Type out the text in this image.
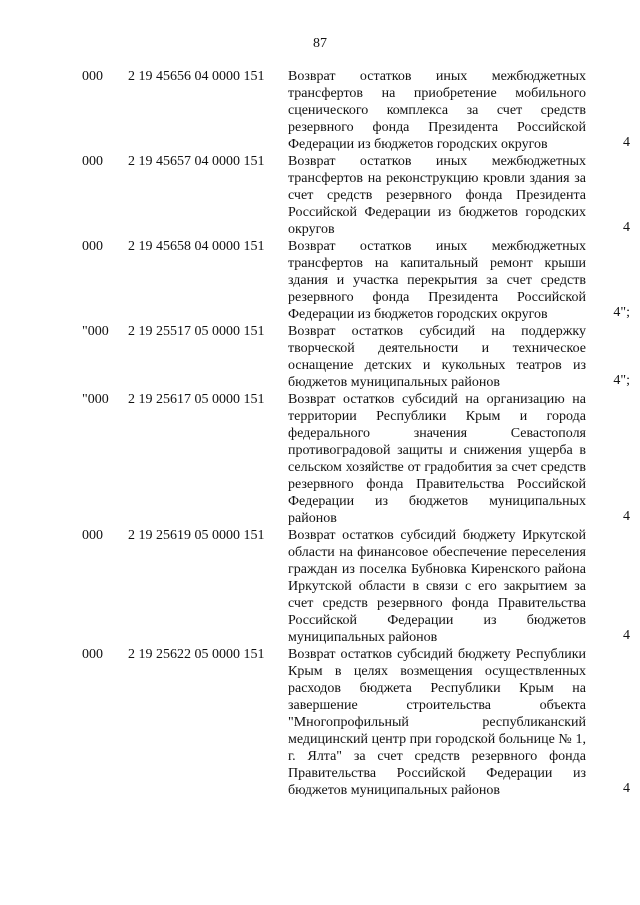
87
000	2 19 45656 04 0000 151	Возврат остатков иных межбюджетных трансфертов на приобретение мобильного сценического комплекса за счет средств резервного фонда Президента Российской Федерации из бюджетов городских округов	4
000	2 19 45657 04 0000 151	Возврат остатков иных межбюджетных трансфертов на реконструкцию кровли здания за счет средств резервного фонда Президента Российской Федерации из бюджетов городских округов	4
000	2 19 45658 04 0000 151	Возврат остатков иных межбюджетных трансфертов на капитальный ремонт крыши здания и участка перекрытия за счет средств резервного фонда Президента Российской Федерации из бюджетов городских округов	4";
"000	2 19 25517 05 0000 151	Возврат остатков субсидий на поддержку творческой деятельности и техническое оснащение детских и кукольных театров из бюджетов муниципальных районов	4";
"000	2 19 25617 05 0000 151	Возврат остатков субсидий на организацию на территории Республики Крым и города федерального значения Севастополя противоградовой защиты и снижения ущерба в сельском хозяйстве от градобития за счет средств резервного фонда Правительства Российской Федерации из бюджетов муниципальных районов	4
000	2 19 25619 05 0000 151	Возврат остатков субсидий бюджету Иркутской области на финансовое обеспечение переселения граждан из поселка Бубновка Киренского района Иркутской области в связи с его закрытием за счет средств резервного фонда Правительства Российской Федерации из бюджетов муниципальных районов	4
000	2 19 25622 05 0000 151	Возврат остатков субсидий бюджету Республики Крым в целях возмещения осуществленных расходов бюджета Республики Крым на завершение строительства объекта "Многопрофильный республиканский медицинский центр при городской больнице № 1, г. Ялта" за счет средств резервного фонда Правительства Российской Федерации из бюджетов муниципальных районов	4
